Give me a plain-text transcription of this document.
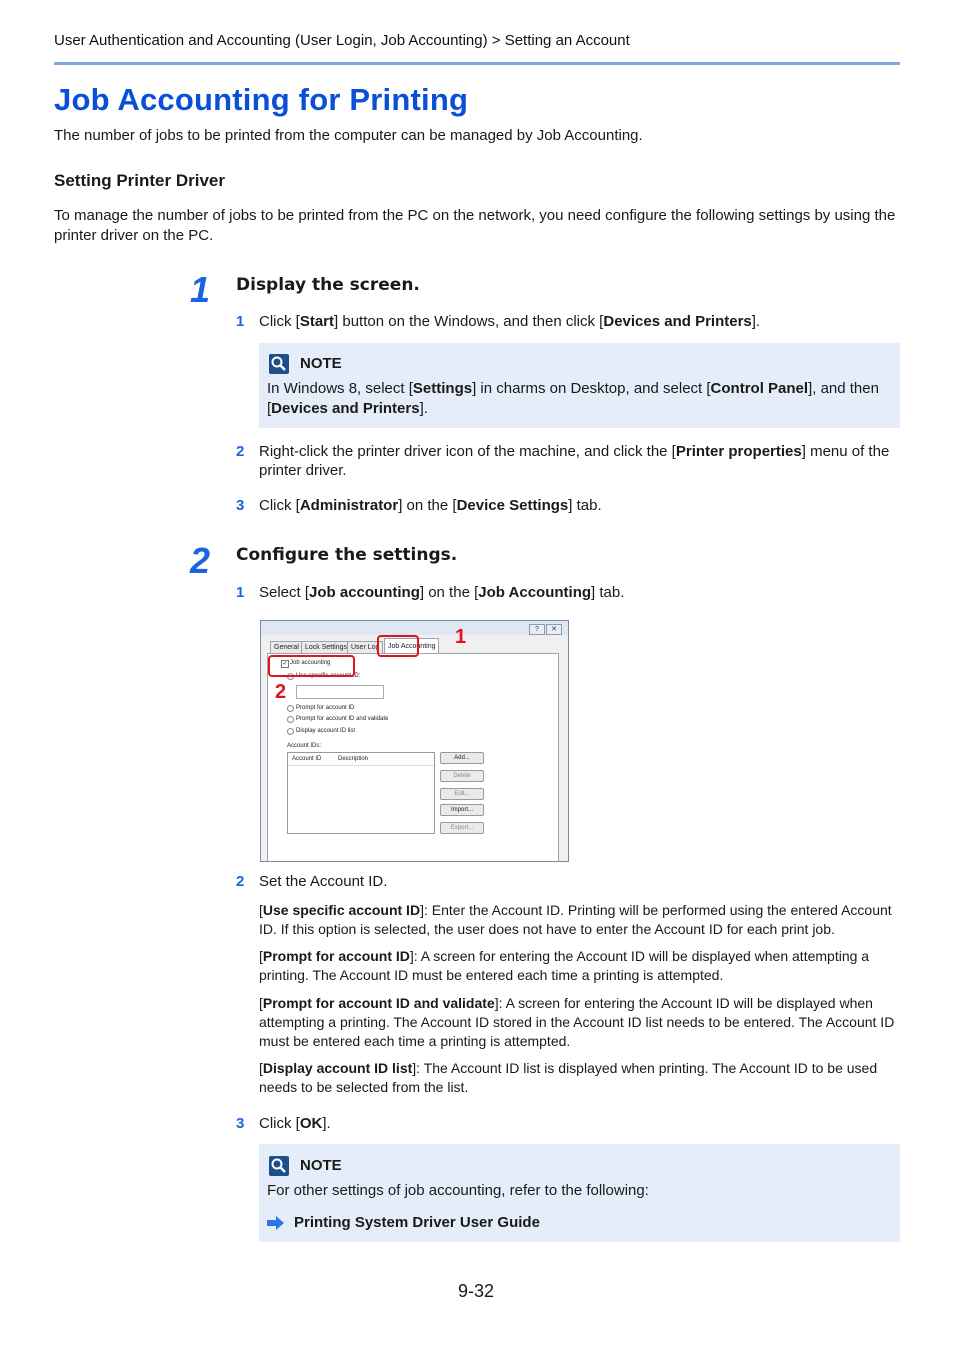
User Authentication and Accounting (User Login, Job Accounting) > Setting an Account
Job Accounting for Printing
The number of jobs to be printed from the computer can be managed by Job Accounting.
Setting Printer Driver
To manage the number of jobs to be printed from the PC on the network, you need configure the following settings by using the printer driver on the PC.
1 Display the screen.
1 Click [Start] button on the Windows, and then click [Devices and Printers].
NOTE
In Windows 8, select [Settings] in charms on Desktop, and select [Control Panel], and then [Devices and Printers].
2 Right-click the printer driver icon of the machine, and click the [Printer properties] menu of the printer driver.
3 Click [Administrator] on the [Device Settings] tab.
2 Configure the settings.
1 Select [Job accounting] on the [Job Accounting] tab.
?	✕
General Lock Settings User Log	Job Accounting
✓ Job accounting
Use specific account ID:
Prompt for account ID
Prompt for account ID and validate
Display account ID list
Account IDs:
Account ID	Description	Add...
Delete
Edit...
Import...
Export...
1
2
2 Set the Account ID.
[Use specific account ID]: Enter the Account ID. Printing will be performed using the entered Account ID. If this option is selected, the user does not have to enter the Account ID for each print job.
[Prompt for account ID]: A screen for entering the Account ID will be displayed when attempting a printing. The Account ID must be entered each time a printing is attempted.
[Prompt for account ID and validate]: A screen for entering the Account ID will be displayed when attempting a printing. The Account ID stored in the Account ID list needs to be entered. The Account ID must be entered each time a printing is attempted.
[Display account ID list]: The Account ID list is displayed when printing. The Account ID to be used needs to be selected from the list.
3 Click [OK].
NOTE
For other settings of job accounting, refer to the following:
Printing System Driver User Guide
9-32
